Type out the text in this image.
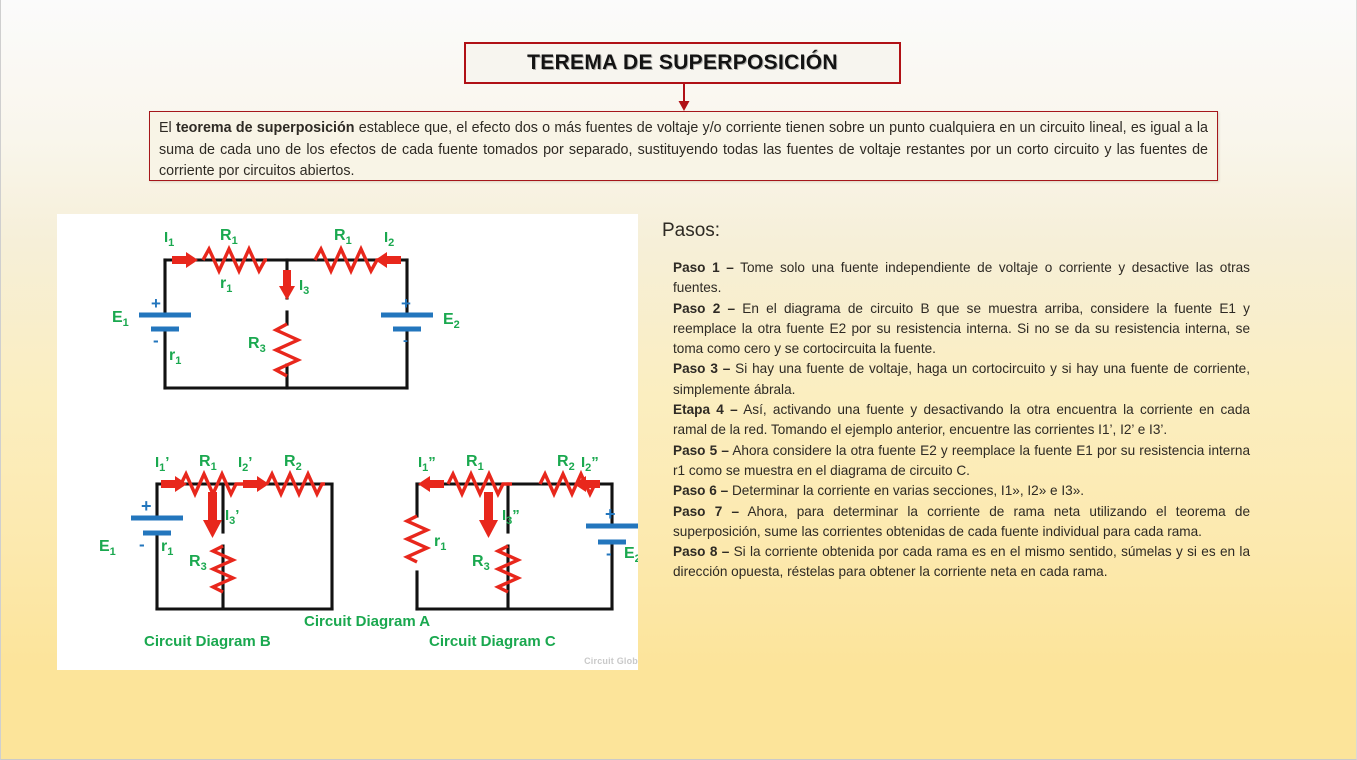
TEREMA DE SUPERPOSICIÓN

El teorema de superposición establece que, el efecto dos o más fuentes de voltaje y/o corriente tienen sobre un punto cualquiera en un circuito lineal, es igual a la suma de cada uno de los efectos de cada fuente tomados por separado, sustituyendo todas las fuentes de voltaje restantes por un corto circuito y las fuentes de corriente por circuitos abiertos.

$I_1$	$R_1$
$r_1$
$R_1$ $I_2$
$I_3$
$R_3$
$E_1$
$r_1$
$E_2$
+
-
+
-
Circuit Diagram A
$I_1$’ $R_1$ $I_2$’ $R_2$
$I_3$’
$R_3$
$E_1$	$r_1$
+
-
Circuit Diagram B
$I_1$” $R_1$	$R_2$ $I_2$”
$I_3$”
$R_3$
$r_1$	$E_2$
+
-
Circuit Diagram C
Circuit Glob
Pasos:

Paso 1 – Tome solo una fuente independiente de voltaje o corriente y desactive las otras fuentes.

Paso 2 – En el diagrama de circuito B que se muestra arriba, considere la fuente E1 y reemplace la otra fuente E2 por su resistencia interna. Si no se da su resistencia interna, se toma como cero y se cortocircuita la fuente.

Paso 3 – Si hay una fuente de voltaje, haga un cortocircuito y si hay una fuente de corriente, simplemente ábrala.

Etapa 4 – Así, activando una fuente y desactivando la otra encuentra la corriente en cada ramal de la red. Tomando el ejemplo anterior, encuentre las corrientes I1’, I2’ e I3’.

Paso 5 – Ahora considere la otra fuente E2 y reemplace la fuente E1 por su resistencia interna r1 como se muestra en el diagrama de circuito C.

Paso 6 – Determinar la corriente en varias secciones, I1», I2» e I3».

Paso 7 – Ahora, para determinar la corriente de rama neta utilizando el teorema de superposición, sume las corrientes obtenidas de cada fuente individual para cada rama.

Paso 8 – Si la corriente obtenida por cada rama es en el mismo sentido, súmelas y si es en la dirección opuesta, réstelas para obtener la corriente neta en cada rama.
